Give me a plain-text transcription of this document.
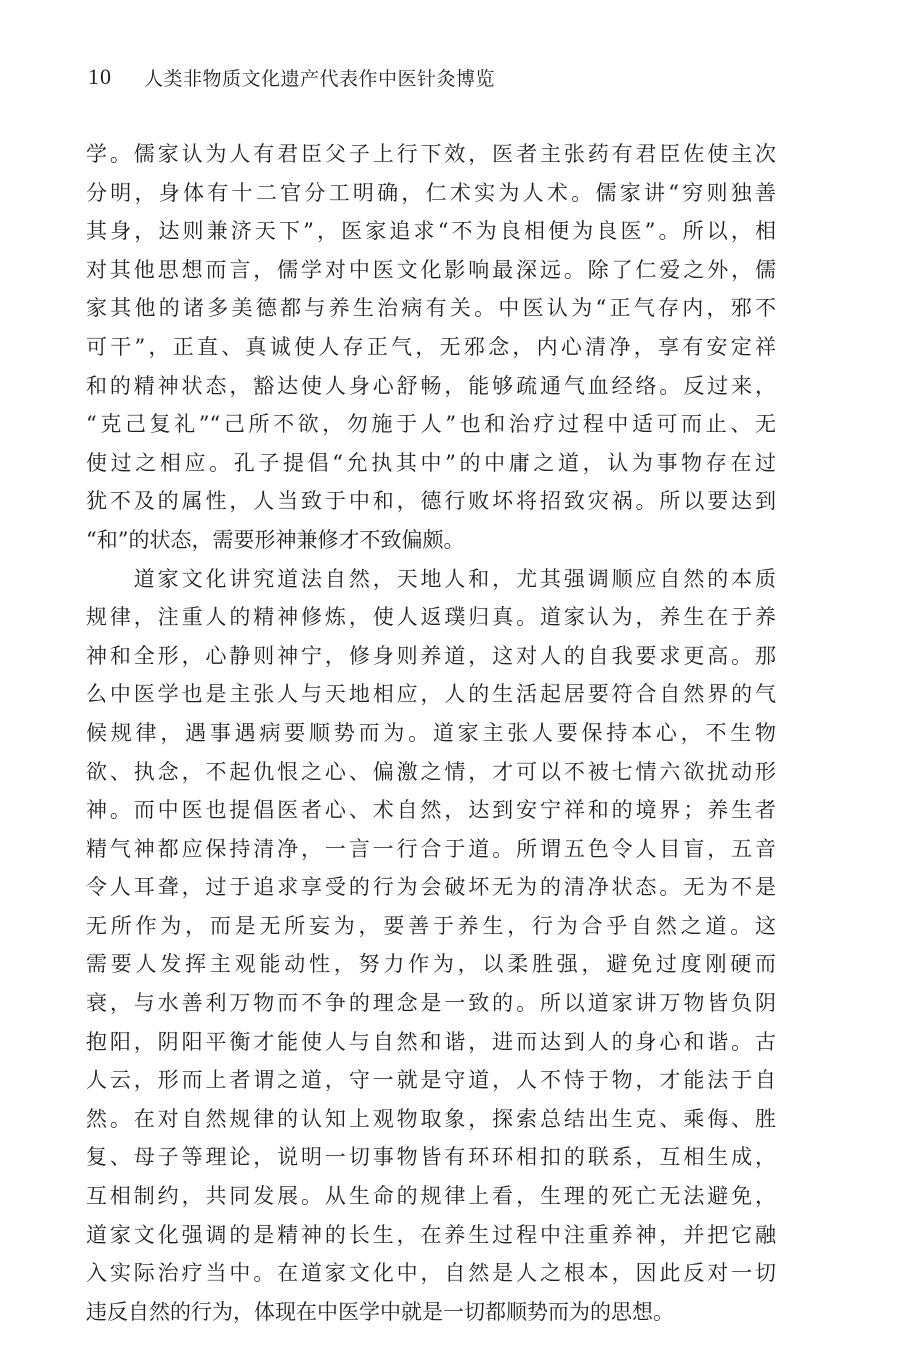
10	人类非物质文化遗产代表作中医针灸博览
学。儒家认为人有君臣父子上行下效，医者主张药有君臣佐使主次
分明，身体有十二官分工明确，仁术实为人术。儒家讲“穷则独善
其身，达则兼济天下”，医家追求“不为良相便为良医”。所以，相
对其他思想而言，儒学对中医文化影响最深远。除了仁爱之外，儒
家其他的诸多美德都与养生治病有关。中医认为“正气存内，邪不
可干”，正直、真诚使人存正气，无邪念，内心清净，享有安定祥
和的精神状态，豁达使人身心舒畅，能够疏通气血经络。反过来，
“克己复礼”“己所不欲，勿施于人”也和治疗过程中适可而止、无
使过之相应。孔子提倡“允执其中”的中庸之道，认为事物存在过
犹不及的属性，人当致于中和，德行败坏将招致灾祸。所以要达到
“和”的状态，需要形神兼修才不致偏颇。
　　道家文化讲究道法自然，天地人和，尤其强调顺应自然的本质
规律，注重人的精神修炼，使人返璞归真。道家认为，养生在于养
神和全形，心静则神宁，修身则养道，这对人的自我要求更高。那
么中医学也是主张人与天地相应，人的生活起居要符合自然界的气
候规律，遇事遇病要顺势而为。道家主张人要保持本心，不生物
欲、执念，不起仇恨之心、偏激之情，才可以不被七情六欲扰动形
神。而中医也提倡医者心、术自然，达到安宁祥和的境界；养生者
精气神都应保持清净，一言一行合于道。所谓五色令人目盲，五音
令人耳聋，过于追求享受的行为会破坏无为的清净状态。无为不是
无所作为，而是无所妄为，要善于养生，行为合乎自然之道。这
需要人发挥主观能动性，努力作为，以柔胜强，避免过度刚硬而
衰，与水善利万物而不争的理念是一致的。所以道家讲万物皆负阴
抱阳，阴阳平衡才能使人与自然和谐，进而达到人的身心和谐。古
人云，形而上者谓之道，守一就是守道，人不恃于物，才能法于自
然。在对自然规律的认知上观物取象，探索总结出生克、乘侮、胜
复、母子等理论，说明一切事物皆有环环相扣的联系，互相生成，
互相制约，共同发展。从生命的规律上看，生理的死亡无法避免，
道家文化强调的是精神的长生，在养生过程中注重养神，并把它融
入实际治疗当中。在道家文化中，自然是人之根本，因此反对一切
违反自然的行为，体现在中医学中就是一切都顺势而为的思想。
